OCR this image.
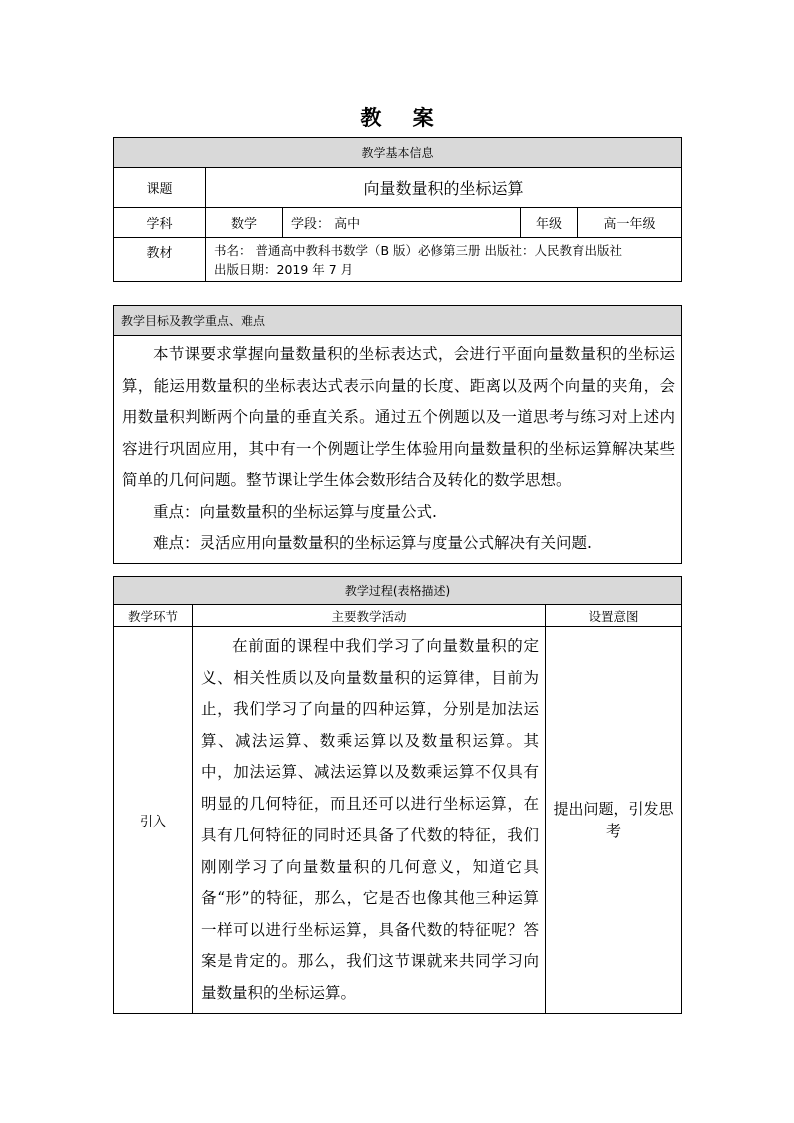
教 案
教学基本信息				
课题	向量数量积的坐标运算			
学科	数学	学段： 高中	年级	高一年级
教材	书名： 普通高中教科书数学（B 版）必修第三册 出版社：人民教育出版社
出版日期：2019 年 7 月			
教学目标及教学重点、难点

本节课要求掌握向量数量积的坐标表达式，会进行平面向量数量积的坐标运算，能运用数量积的坐标表达式表示向量的长度、距离以及两个向量的夹角，会用数量积判断两个向量的垂直关系。通过五个例题以及一道思考与练习对上述内容进行巩固应用，其中有一个例题让学生体验用向量数量积的坐标运算解决某些简单的几何问题。整节课让学生体会数形结合及转化的数学思想。

重点：向量数量积的坐标运算与度量公式.

难点：灵活应用向量数量积的坐标运算与度量公式解决有关问题.

教学过程(表格描述)		
教学环节	主要教学活动	设置意图
引入	在前面的课程中我们学习了向量数量积的定义、相关性质以及向量数量积的运算律，目前为止，我们学习了向量的四种运算，分别是加法运算、减法运算、数乘运算以及数量积运算。其中，加法运算、减法运算以及数乘运算不仅具有明显的几何特征，而且还可以进行坐标运算，在具有几何特征的同时还具备了代数的特征，我们刚刚学习了向量数量积的几何意义，知道它具备“形”的特征，那么，它是否也像其他三种运算一样可以进行坐标运算，具备代数的特征呢？答案是肯定的。那么，我们这节课就来共同学习向量数量积的坐标运算。	提出问题，引发思考
